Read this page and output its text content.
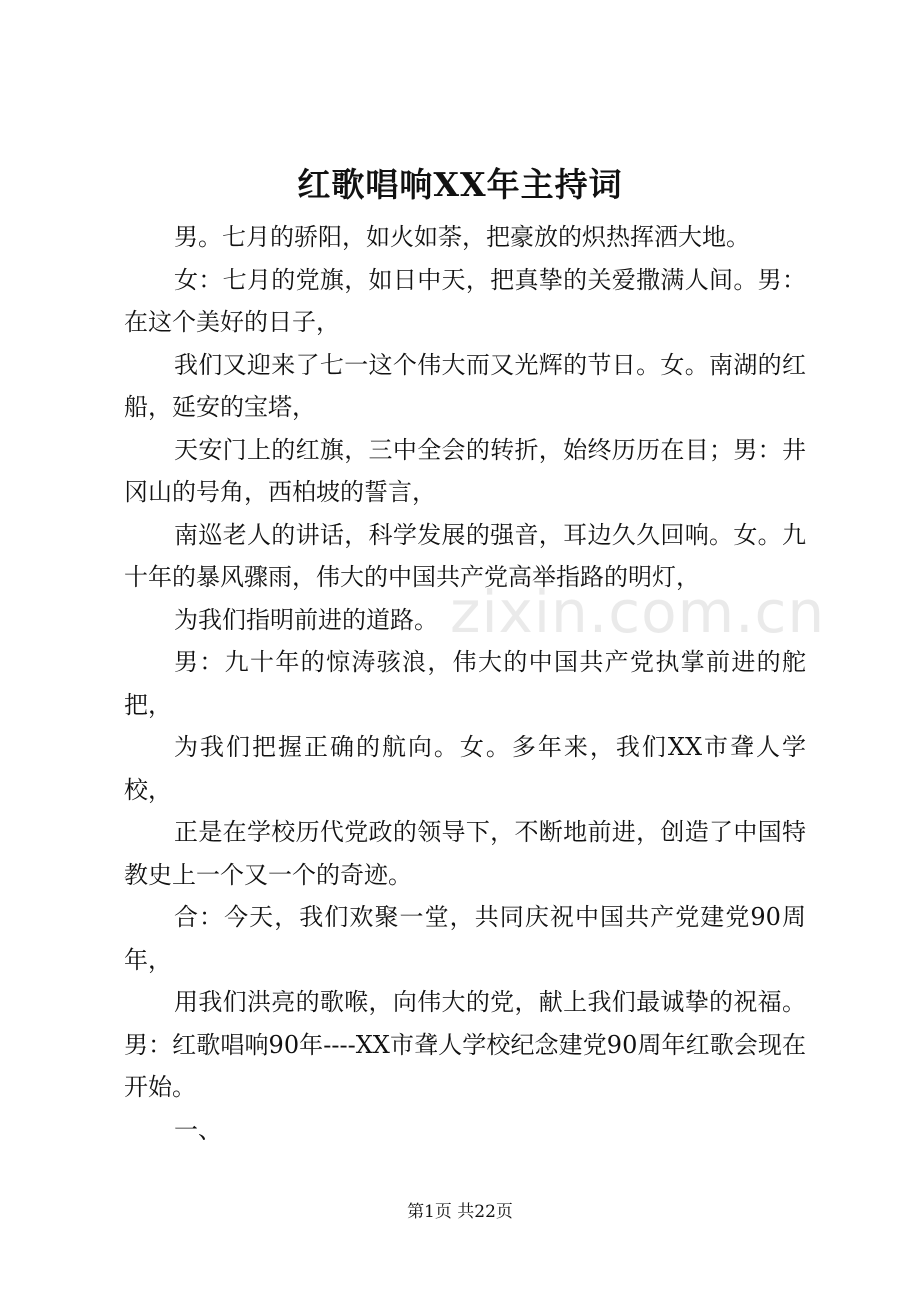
红歌唱响XX年主持词

男。七月的骄阳，如火如荼，把豪放的炽热挥洒大地。

女：七月的党旗，如日中天，把真挚的关爱撒满人间。男：在这个美好的日子，

我们又迎来了七一这个伟大而又光辉的节日。女。南湖的红船，延安的宝塔，

天安门上的红旗，三中全会的转折，始终历历在目；男：井冈山的号角，西柏坡的誓言，

南巡老人的讲话，科学发展的强音，耳边久久回响。女。九十年的暴风骤雨，伟大的中国共产党高举指路的明灯，

为我们指明前进的道路。

男：九十年的惊涛骇浪，伟大的中国共产党执掌前进的舵把，

为我们把握正确的航向。女。多年来，我们XX市聋人学校，

正是在学校历代党政的领导下，不断地前进，创造了中国特教史上一个又一个的奇迹。

合：今天，我们欢聚一堂，共同庆祝中国共产党建党90周年，

用我们洪亮的歌喉，向伟大的党，献上我们最诚挚的祝福。男：红歌唱响90年----XX市聋人学校纪念建党90周年红歌会现在开始。

一、

zixin.com.cn
第1页 共22页
